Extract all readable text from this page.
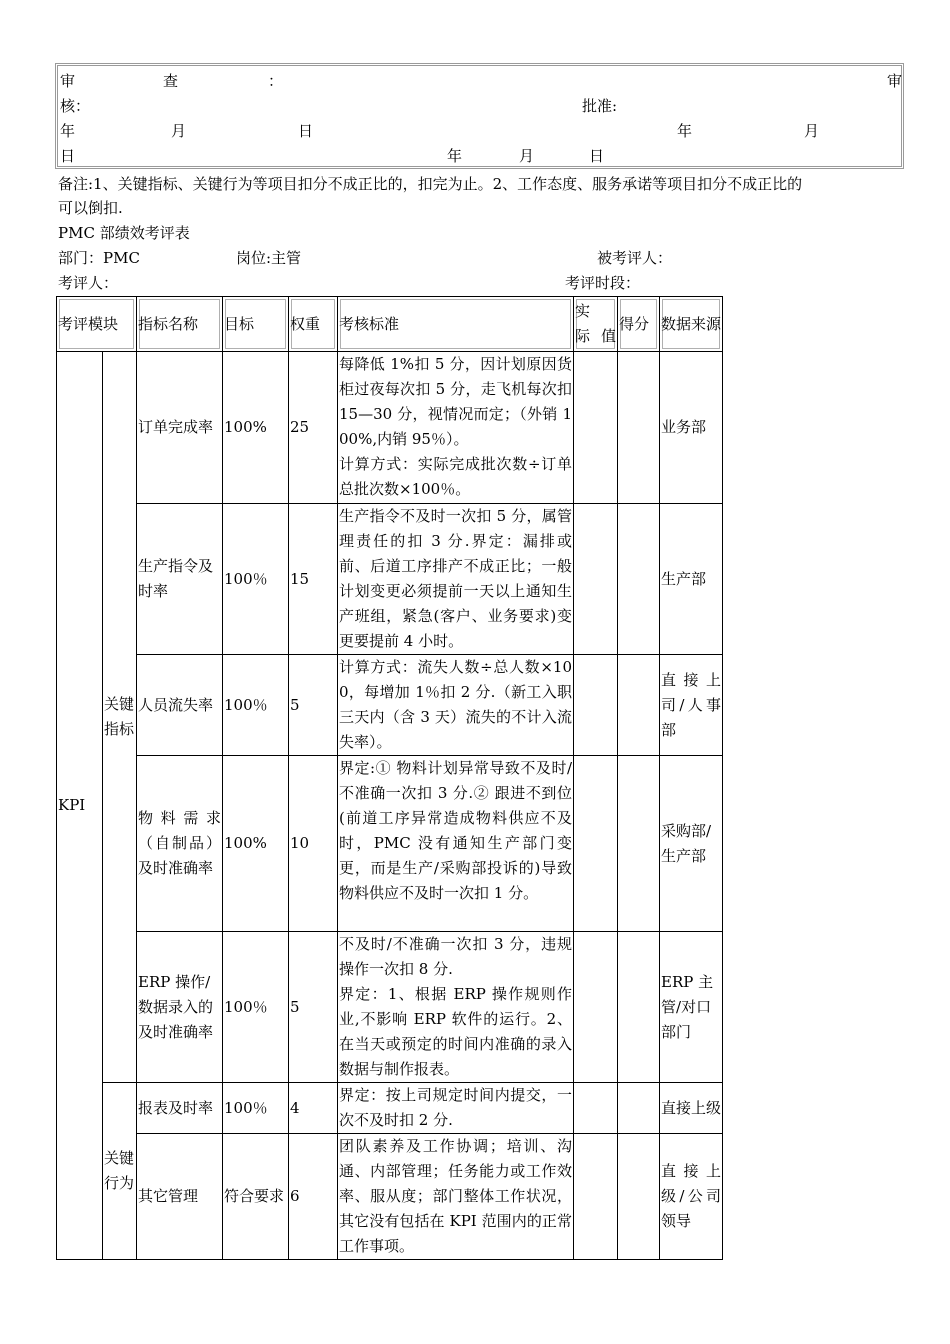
审	查	：	审
核：	批准:
年	月	日	年	月
日	年	月	日
备注:1、关键指标、关键行为等项目扣分不成正比的，扣完为止。2、工作态度、服务承诺等项目扣分不成正比的
可以倒扣.
PMC 部绩效考评表
部门：PMC	岗位:主管	被考评人：
考评人：	考评时段：
考评模块		指标名称	目标	权重	考核标准	实　际值	得分	数据来源
KPI	关键指标	订单完成率	100%	25	每降低 1%扣 5 分，因计划原因货柜过夜每次扣 5 分，走飞机每次扣 15—30 分，视情况而定；（外销 100%,内销 95％）。
计算方式：实际完成批次数÷订单总批次数×100％。			业务部
		生产指令及时率	100％	15	生产指令不及时一次扣 5 分，属管理责任的扣 3 分.界定：漏排或前、后道工序排产不成正比；一般计划变更必须提前一天以上通知生产班组，紧急(客户、业务要求)变更要提前 4 小时。			生产部
		人员流失率	100％	5	计算方式：流失人数÷总人数×100，每增加 1％扣 2 分.（新工入职三天内（含 3 天）流失的不计入流失率）。			直接上司/人事部
		物料需求（自制品）及时准确率	100%	10	界定:① 物料计划异常导致不及时/不准确一次扣 3 分.② 跟进不到位(前道工序异常造成物料供应不及时，PMC 没有通知生产部门变更，而是生产/采购部投诉的)导致物料供应不及时一次扣 1 分。			采购部/生产部
		ERP 操作/数据录入的及时准确率	100％	5	不及时/不准确一次扣 3 分，违规操作一次扣 8 分.
界定：1、根据 ERP 操作规则作业,不影响 ERP 软件的运行。2、在当天或预定的时间内准确的录入数据与制作报表。			ERP 主管/对口部门
	关键行为	报表及时率	100％	4	界定：按上司规定时间内提交，一次不及时扣 2 分.			直接上级
		其它管理	符合要求	6	团队素养及工作协调；培训、沟通、内部管理；任务能力或工作效率、服从度；部门整体工作状况，其它没有包括在 KPI 范围内的正常工作事项。			直接上级/公司领导
